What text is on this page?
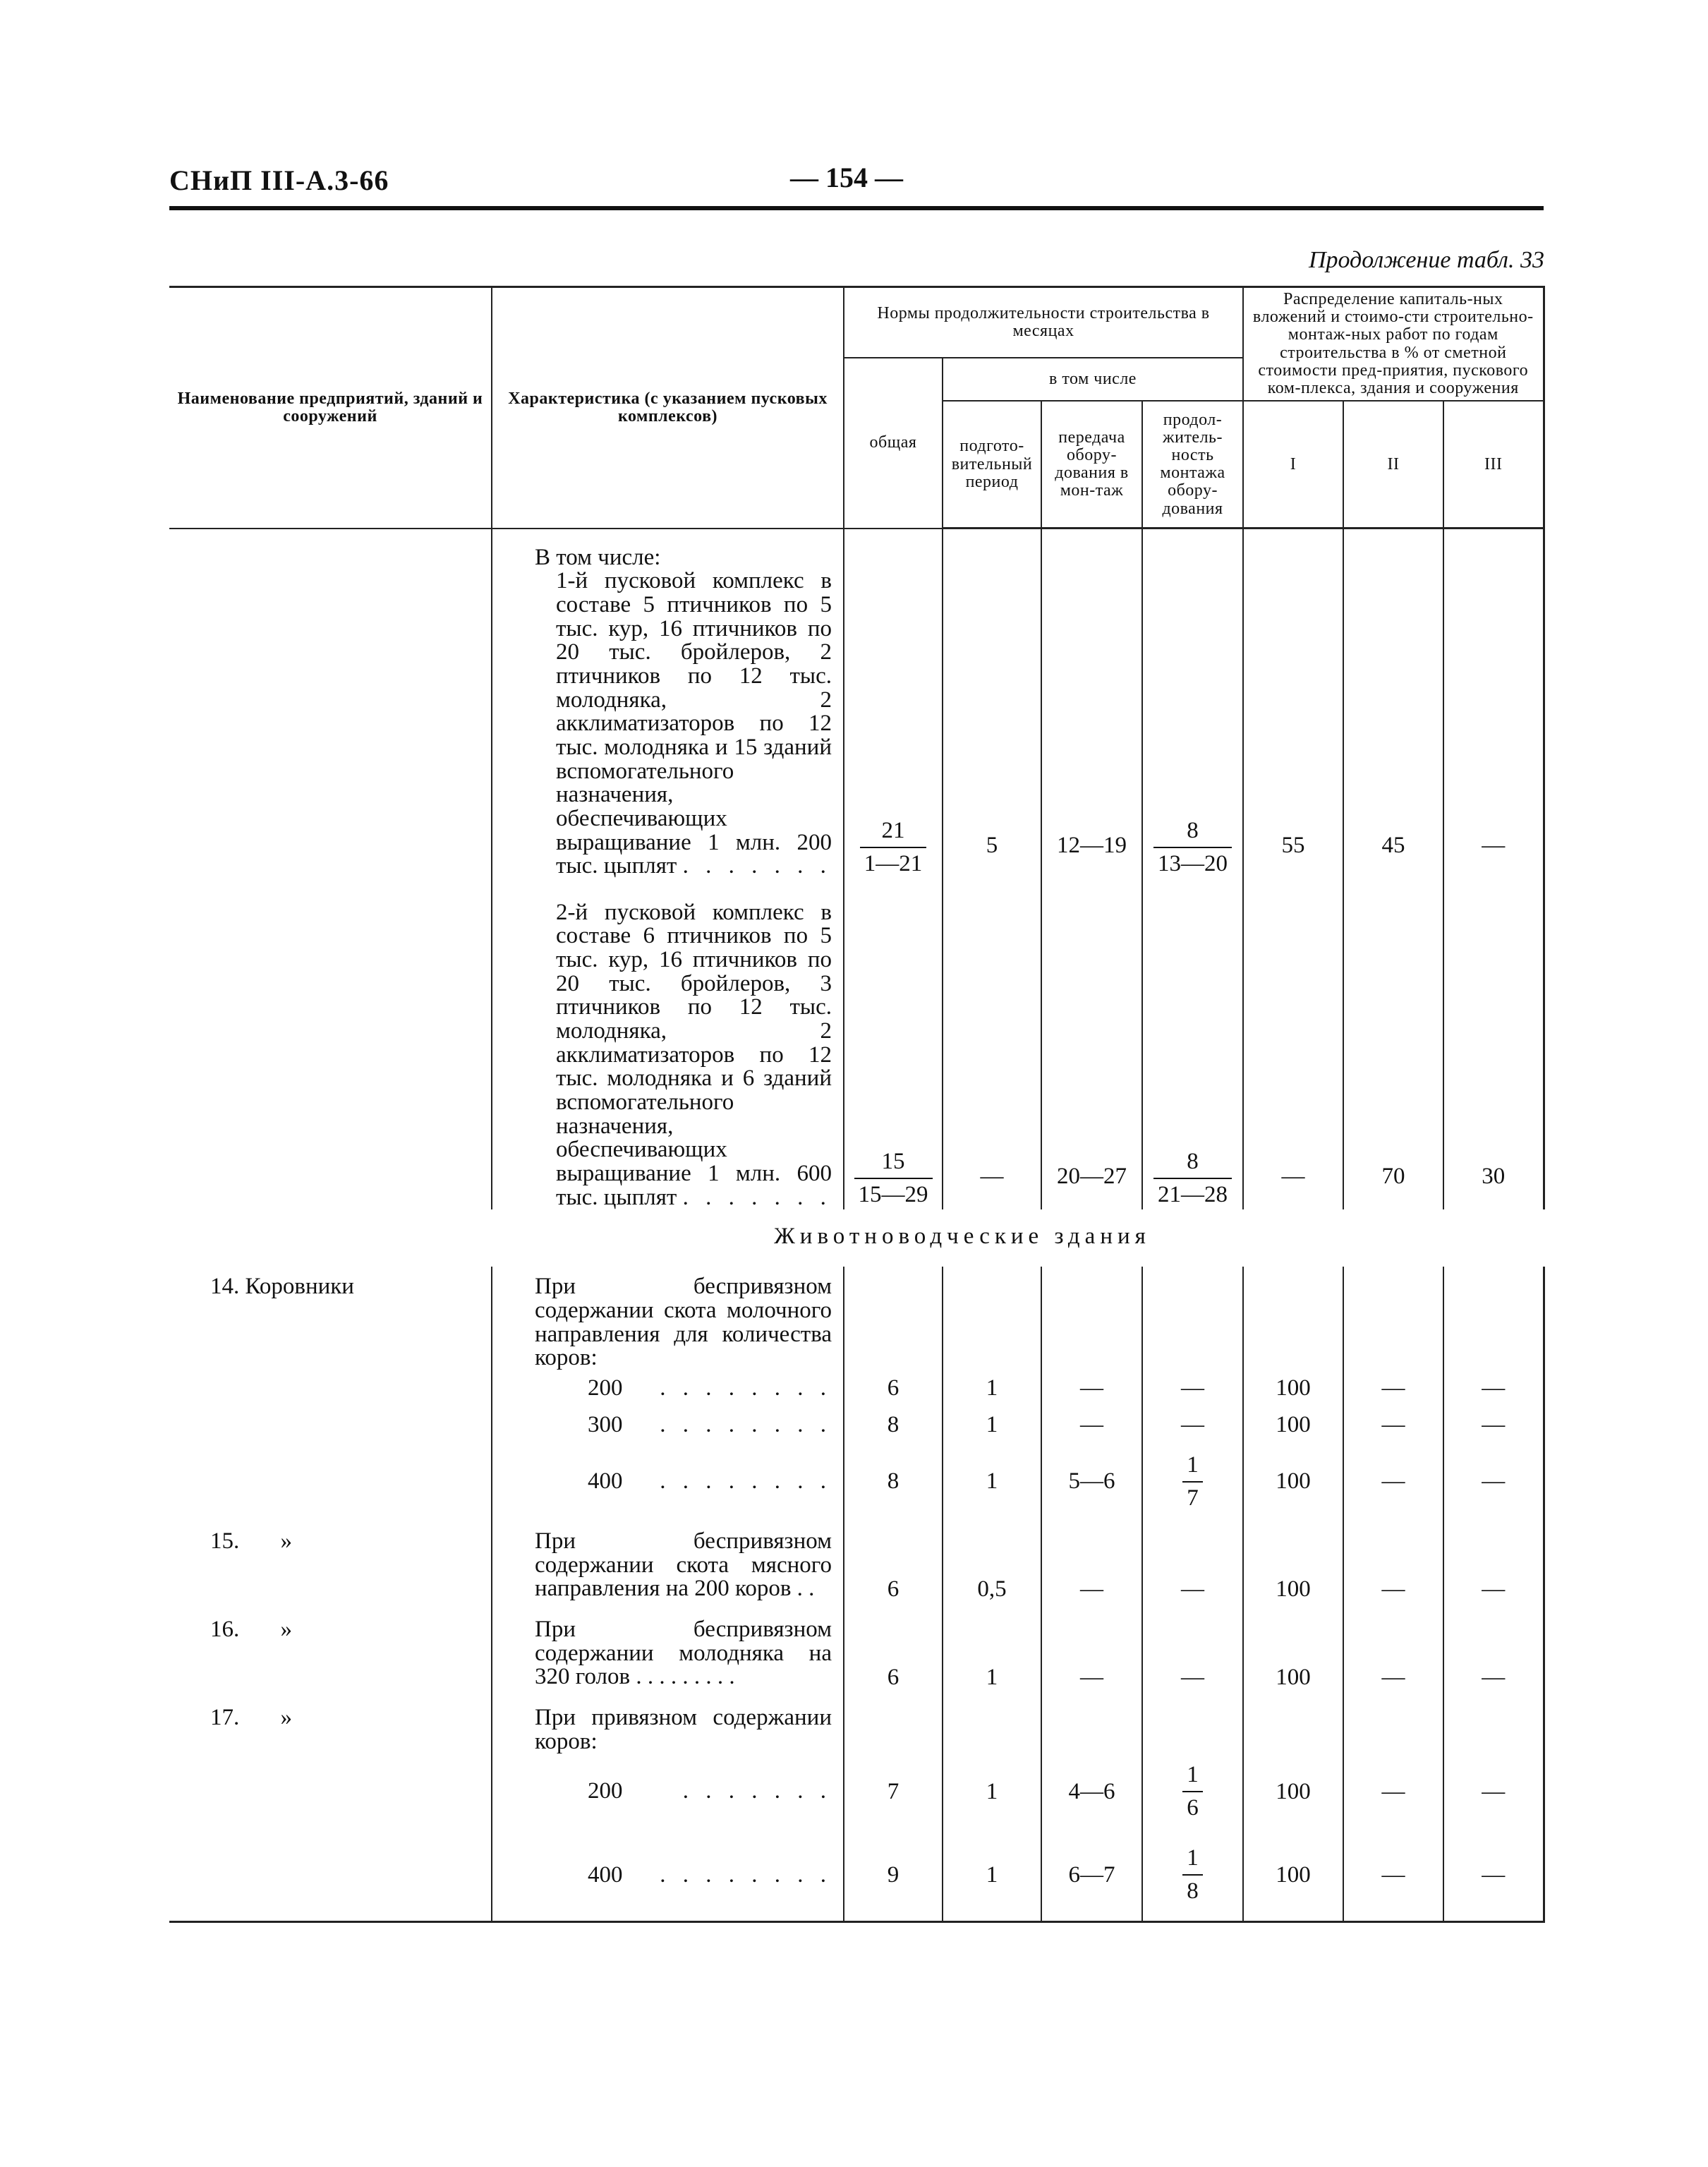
СНиП III-А.3-66	— 154 —
Продолжение табл. 33
Наименование предприятий, зданий и сооружений	Характеристика (с указанием пусковых комплексов)	Нормы продолжительности строительства в месяцах				Распределение капиталь-ных вложений и стоимо-сти строительно-монтаж-ных работ по годам строительства в % от сметной стоимости пред-приятия, пускового ком-плекса, здания и сооружения		
		общая	в том числе					
			подгото-вительный период	передача обору-дования в мон-таж	продол-житель-ность монтажа обору-дования	I	II	III
	В том числе:							
	1-й пусковой комплекс в составе 5 птичников по 5 тыс. кур, 16 птичников по 20 тыс. бройлеров, 2 птичников по 12 тыс. молодняка, 2 акклиматизаторов по 12 тыс. молодняка и 15 зданий вспомогательного назначения, обеспечивающих выращивание 1 млн. 200 тыс. цыплят . . . . . . .	$\frac{21}{1—21}$	5	12—19	$\frac{8}{13—20}$	55	45	—
	2-й пусковой комплекс в составе 6 птичников по 5 тыс. кур, 16 птичников по 20 тыс. бройлеров, 3 птичников по 12 тыс. молодняка, 2 акклиматизаторов по 12 тыс. молодняка и 6 зданий вспомогательного назначения, обеспечивающих выращивание 1 млн. 600 тыс. цыплят . . . . . . .	$\frac{15}{15—29}$	—	20—27	$\frac{8}{21—28}$	—	70	30
Животноводческие здания								
14. Коровники	При беспривязном содержании скота молочного направления для количества коров:							
	200 . . . . . . . .	6	1	—	—	100	—	—
	300 . . . . . . . .	8	1	—	—	100	—	—
	400 . . . . . . . .	8	1	5—6	$\frac{1}{7}$	100	—	—
15. »	При беспривязном содержании скота мясного направления на 200 коров . .	6	0,5	—	—	100	—	—
16. »	При беспривязном содержании молодняка на 320 голов . . . . . . . . .	6	1	—	—	100	—	—
17. »	При привязном содержании коров:							
	200 . . . . . . .	7	1	4—6	$\frac{1}{6}$	100	—	—
	400 . . . . . . . .	9	1	6—7	$\frac{1}{8}$	100	—	—
